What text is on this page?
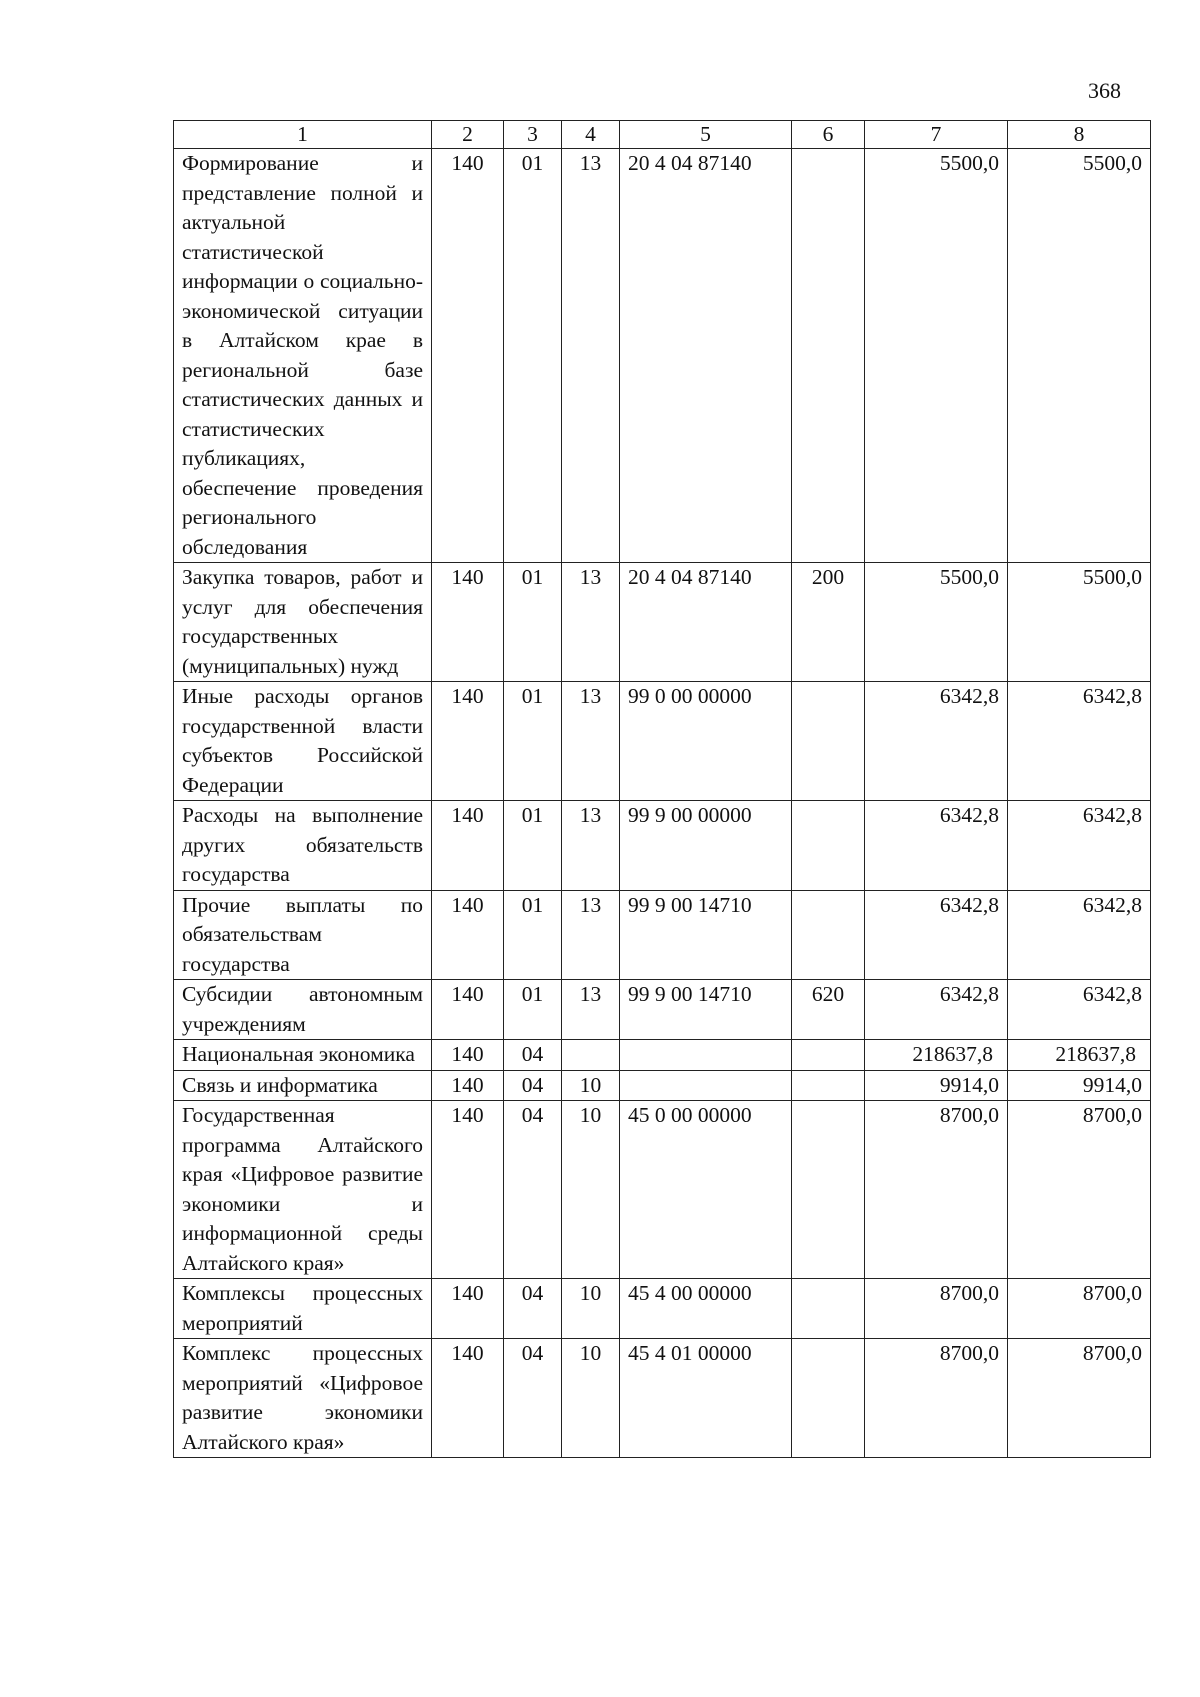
368
1	2	3	4	5	6	7	8
Формирование и представление полной и актуальной статистической информации о социально-экономической ситуации в Алтайском крае в региональной базе статистических данных и статистических публикациях, обеспечение проведения регионального обследования	140	01	13	20 4 04 87140		5500,0	5500,0
Закупка товаров, работ и услуг для обеспечения государственных (муниципальных) нужд	140	01	13	20 4 04 87140	200	5500,0	5500,0
Иные расходы органов государственной власти субъектов Российской Федерации	140	01	13	99 0 00 00000		6342,8	6342,8
Расходы на выполнение других обязательств государства	140	01	13	99 9 00 00000		6342,8	6342,8
Прочие выплаты по обязательствам государства	140	01	13	99 9 00 14710		6342,8	6342,8
Субсидии автономным учреждениям	140	01	13	99 9 00 14710	620	6342,8	6342,8
Национальная экономика	140	04				218637,8	218637,8
Связь и информатика	140	04	10			9914,0	9914,0
Государственная программа Алтайского края «Цифровое развитие экономики и информационной среды Алтайского края»	140	04	10	45 0 00 00000		8700,0	8700,0
Комплексы процессных мероприятий	140	04	10	45 4 00 00000		8700,0	8700,0
Комплекс процессных мероприятий «Цифровое развитие экономики Алтайского края»	140	04	10	45 4 01 00000		8700,0	8700,0
